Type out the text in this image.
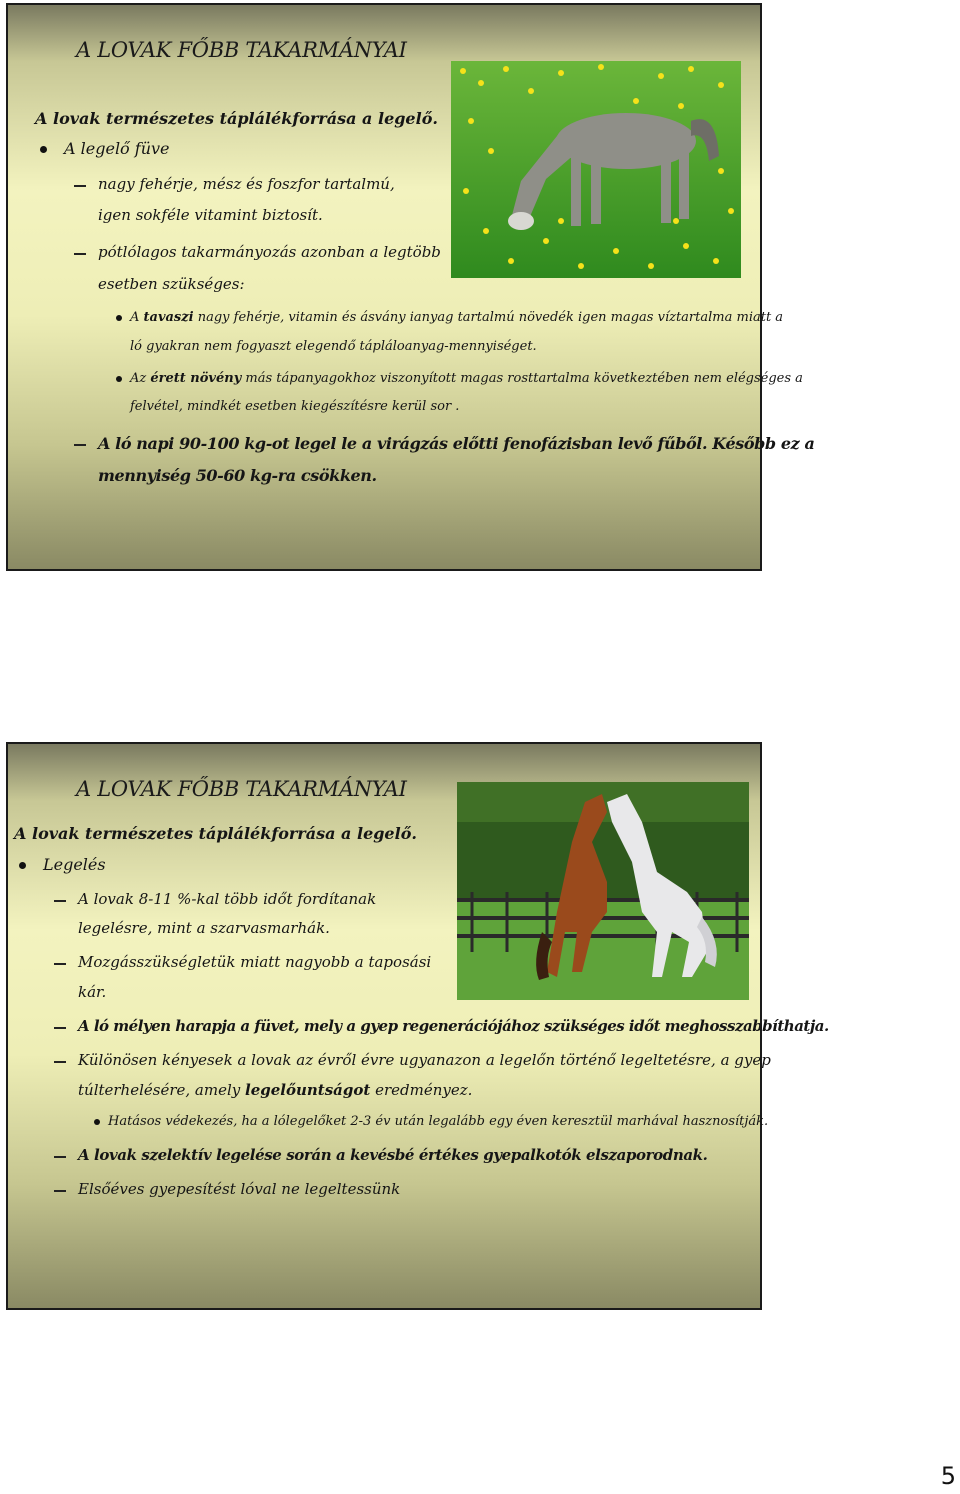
A LOVAK FŐBB TAKARMÁNYAI
A lovak természetes táplálékforrása a legelő.
A legelő füve
nagy fehérje, mész és foszfor tartalmú,
igen sokféle vitamint biztosít.
pótlólagos takarmányozás azonban a legtöbb
esetben szükséges:
A tavaszi nagy fehérje, vitamin és ásvány ianyag tartalmú növedék igen magas víztartalma miatt a
ló gyakran nem fogyaszt elegendő tápláloanyag-mennyiséget.
Az érett növény más tápanyagokhoz viszonyított magas rosttartalma következtében nem elégséges a
felvétel, mindkét esetben kiegészítésre kerül sor .
A ló napi 90-100 kg-ot legel le a virágzás előtti fenofázisban levő fűből. Később ez a
mennyiség 50-60 kg-ra csökken.
A LOVAK FŐBB TAKARMÁNYAI
A lovak természetes táplálékforrása a legelő.
Legelés
A lovak 8-11 %-kal több időt fordítanak
legelésre, mint a szarvasmarhák.
Mozgásszükségletük miatt nagyobb a taposási
kár.
A ló mélyen harapja a füvet, mely a gyep regenerációjához szükséges időt meghosszabbíthatja.
Különösen kényesek a lovak az évről évre ugyanazon a legelőn történő legeltetésre, a gyep
túlterhelésére, amely legelőuntságot eredményez.
Hatásos védekezés, ha a lólegelőket 2-3 év után legalább egy éven keresztül marhával hasznosítják.
A lovak szelektív legelése során a kevésbé értékes gyepalkotók elszaporodnak.
Elsőéves gyepesítést lóval ne legeltessünk
5
